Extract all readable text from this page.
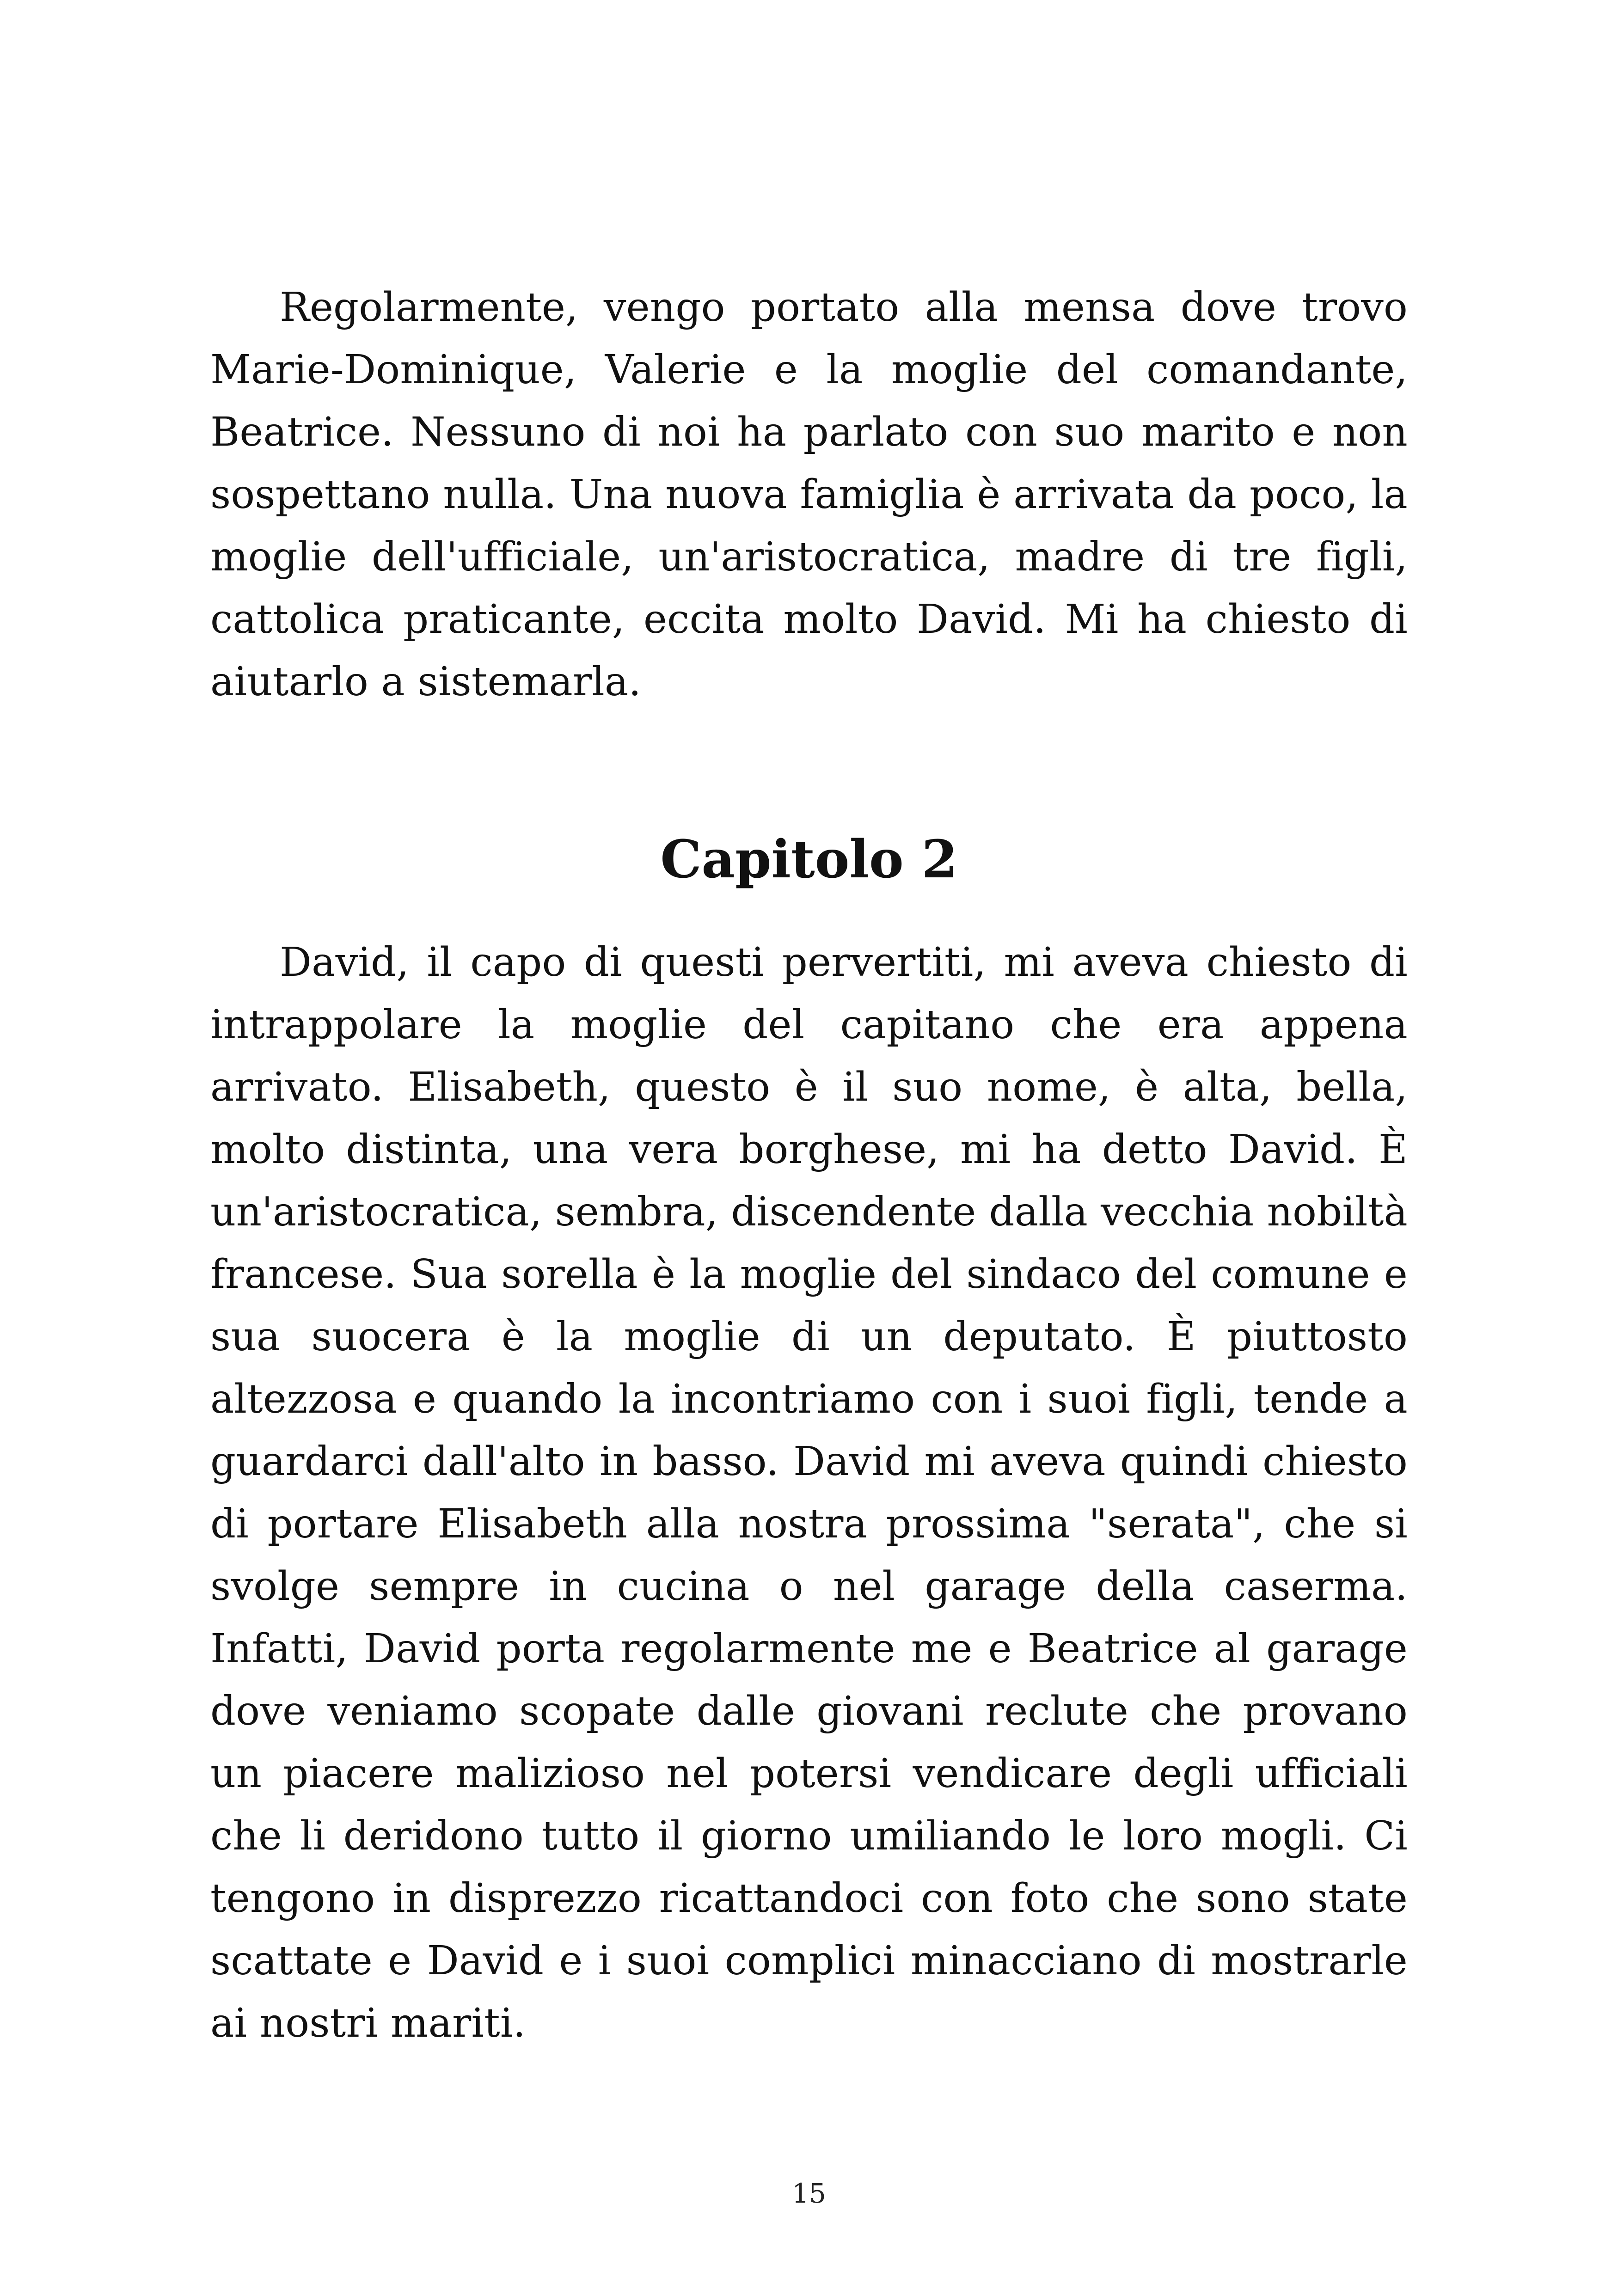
Regolarmente, vengo portato alla mensa dove trovo Marie-Dominique, Valerie e la moglie del comandante, Beatrice. Nessuno di noi ha parlato con suo marito e non sospettano nulla. Una nuova famiglia è arrivata da poco, la moglie dell'ufficiale, un'aristocratica, madre di tre figli, cattolica praticante, eccita molto David. Mi ha chiesto di aiutarlo a sistemarla.

Capitolo 2

David, il capo di questi pervertiti, mi aveva chiesto di intrappolare la moglie del capitano che era appena arrivato. Elisabeth, questo è il suo nome, è alta, bella, molto distinta, una vera borghese, mi ha detto David. È un'aristocratica, sembra, discendente dalla vecchia nobiltà francese. Sua sorella è la moglie del sindaco del comune e sua suocera è la moglie di un deputato. È piuttosto altezzosa e quando la incontriamo con i suoi figli, tende a guardarci dall'alto in basso. David mi aveva quindi chiesto di portare Elisabeth alla nostra prossima "serata", che si svolge sempre in cucina o nel garage della caserma. Infatti, David porta regolarmente me e Beatrice al garage dove veniamo scopate dalle giovani reclute che provano un piacere malizioso nel potersi vendicare degli ufficiali che li deridono tutto il giorno umiliando le loro mogli. Ci tengono in disprezzo ricattandoci con foto che sono state scattate e David e i suoi complici minacciano di mostrarle ai nostri mariti.

15
